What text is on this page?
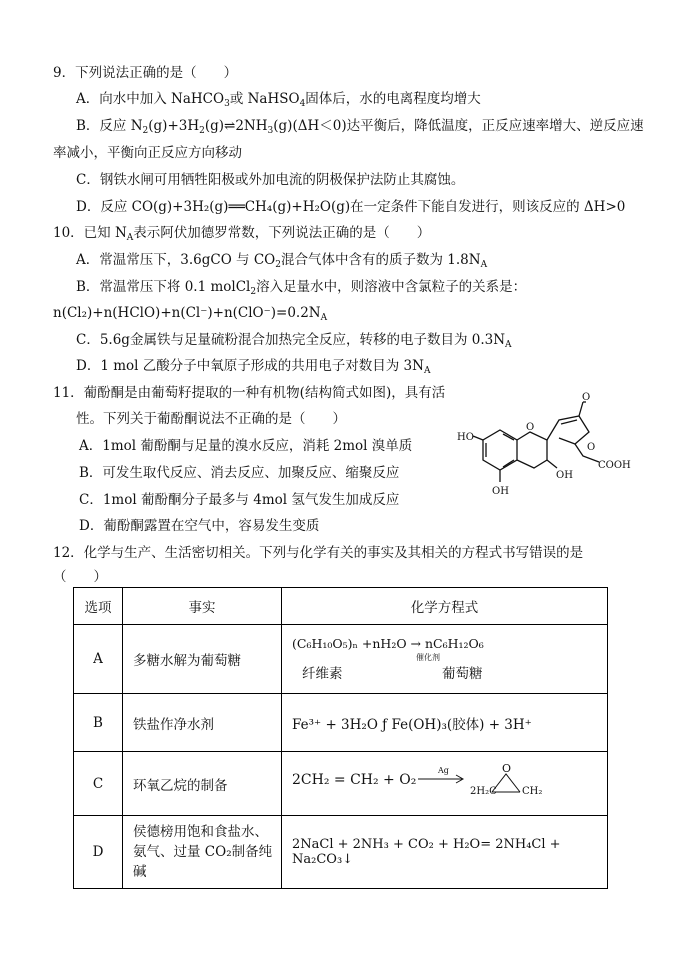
9．下列说法正确的是（　　）
A．向水中加入 NaHCO$_3$或 NaHSO$_4$固体后，水的电离程度均增大
B．反应 $N_2(g)+3H_2(g)\rightleftharpoons 2NH_3(g)(\Delta H<0)$达平衡后，降低温度，正反应速率增大、逆反应速
率减小，平衡向正反应方向移动
C．钢铁水闸可用牺牲阳极或外加电流的阴极保护法防止其腐蚀。
D．反应 CO(g)+3H₂(g)══CH₄(g)+H₂O(g)在一定条件下能自发进行，则该反应的 ΔH>0
10．已知 $N_A$表示阿伏加德罗常数，下列说法正确的是（　　）
A．常温常压下，3.6gCO 与 $CO_2$混合气体中含有的质子数为 $1.8N_A$
B．常温常压下将 0.1 molCl$_2$溶入足量水中，则溶液中含氯粒子的关系是：
$n(Cl_2)+n(HClO)+n(Cl^-)+n(ClO^-)=0.2N_A$
C．5.6g金属铁与足量硫粉混合加热完全反应，转移的电子数目为 $0.3N_A$
D．1 mol 乙酸分子中氧原子形成的共用电子对数目为 $3N_A$
11．葡酚酮是由葡萄籽提取的一种有机物(结构简式如图)，具有活
性。下列关于葡酚酮说法不正确的是（　　）
A．1mol 葡酚酮与足量的溴水反应，消耗 2mol 溴单质
B．可发生取代反应、消去反应、加聚反应、缩聚反应
C．1mol 葡酚酮分子最多与 4mol 氢气发生加成反应
D．葡酚酮露置在空气中，容易发生变质
HO
OH
OH
O
O
O
COOH
12．化学与生产、生活密切相关。下列与化学有关的事实及其相关的方程式书写错误的是
（　　）
选项	事实	化学方程式
A	多糖水解为葡萄糖	(C₆H₁₀O₅)ₙ +nH₂O → nC₆H₁₂O₆
催化剂
纤维素 葡萄糖

B	铁盐作净水剂	Fe³⁺ + 3H₂O ƒ Fe(OH)₃(胶体) + 3H⁺
C	环氧乙烷的制备	2CH₂ = CH₂ + O₂
Ag O
2H₂C CH₂

D	侯德榜用饱和食盐水、氨气、过量 CO₂制备纯碱	2NaCl + 2NH₃ + CO₂ + H₂O= 2NH₄Cl + Na₂CO₃↓
